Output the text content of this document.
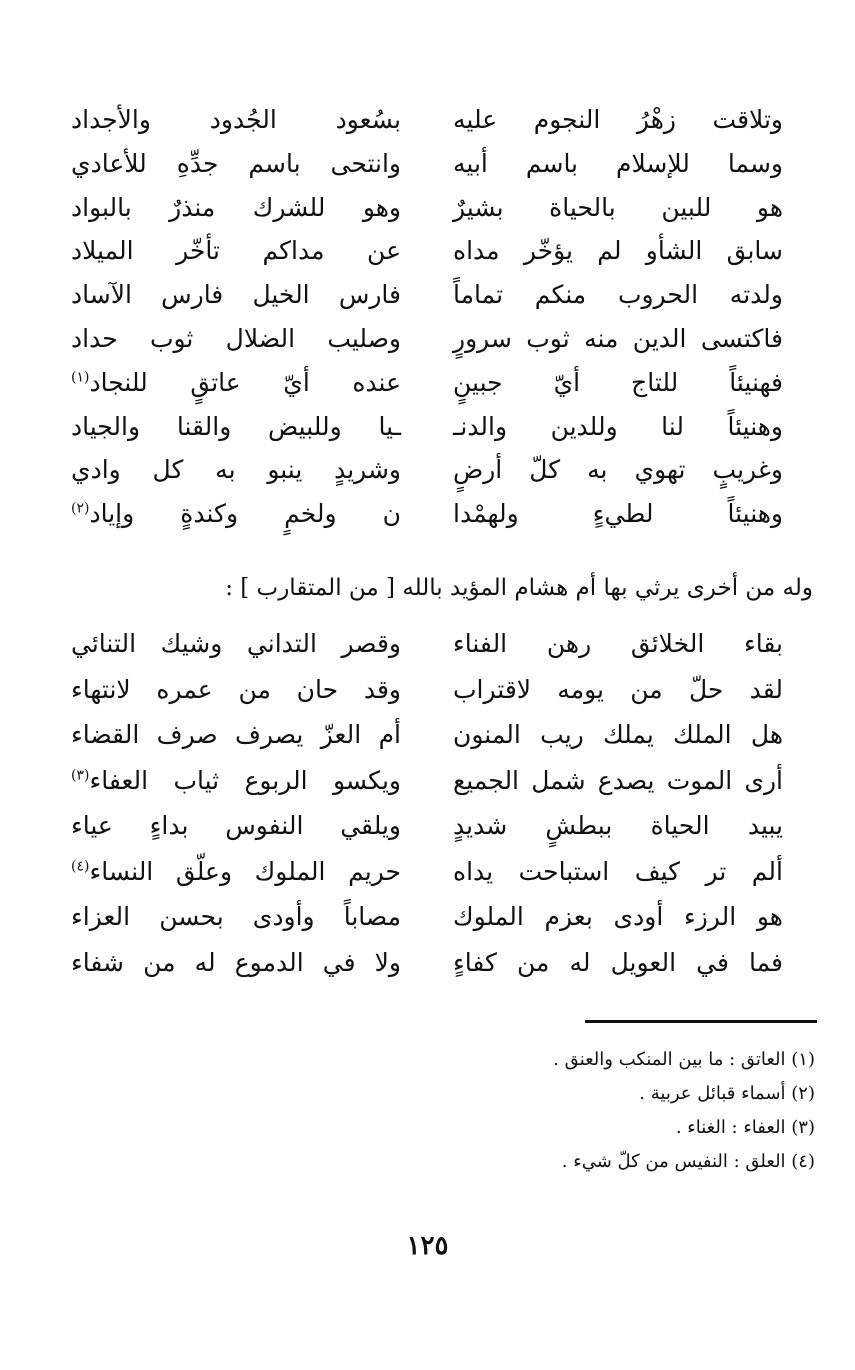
وتلاقت زهْرُ النجوم عليه
بسُعود الجُدود والأجداد
وسما للإسلام باسم أبيه
وانتحى باسم جدِّهِ للأعادي
هو للبين بالحياة بشيرٌ
وهو للشرك منذرٌ بالبواد
سابق الشأو لم يؤخّر مداه
عن مداكم تأخّر الميلاد
ولدته الحروب منكم تماماً
فارس الخيل فارس الآساد
فاكتسى الدين منه ثوب سرورٍ
وصليب الضلال ثوب حداد
فهنيئاً للتاج أيّ جبينٍ
عنده أيّ عاتقٍ للنجاد$^{(١)}$
وهنيئاً لنا وللدين والدنـ
ـيا وللبيض والقنا والجياد
وغريبٍ تهوي به كلّ أرضٍ
وشريدٍ ينبو به كل وادي
وهنيئاً لطيءٍ ولهمْدا
ن ولخمٍ وكندةٍ وإياد$^{(٢)}$
وله من أخرى يرثي بها أم هشام المؤيد بالله [ من المتقارب ] :
بقاء الخلائق رهن الفناء
وقصر التداني وشيك التنائي
لقد حلّ من يومه لاقتراب
وقد حان من عمره لانتهاء
هل الملك يملك ريب المنون
أم العزّ يصرف صرف القضاء
أرى الموت يصدع شمل الجميع
ويكسو الربوع ثياب العفاء$^{(٣)}$
يبيد الحياة ببطشٍ شديدٍ
ويلقي النفوس بداءٍ عياء
ألم تر كيف استباحت يداه
حريم الملوك وعلّق النساء$^{(٤)}$
هو الرزء أودى بعزم الملوك
مصاباً وأودى بحسن العزاء
فما في العويل له من كفاءٍ
ولا في الدموع له من شفاء
(١) العاتق : ما بين المنكب والعنق .
(٢) أسماء قبائل عربية .
(٣) العفاء : الغناء .
(٤) العلق : النفيس من كلّ شيء .
١٢٥
